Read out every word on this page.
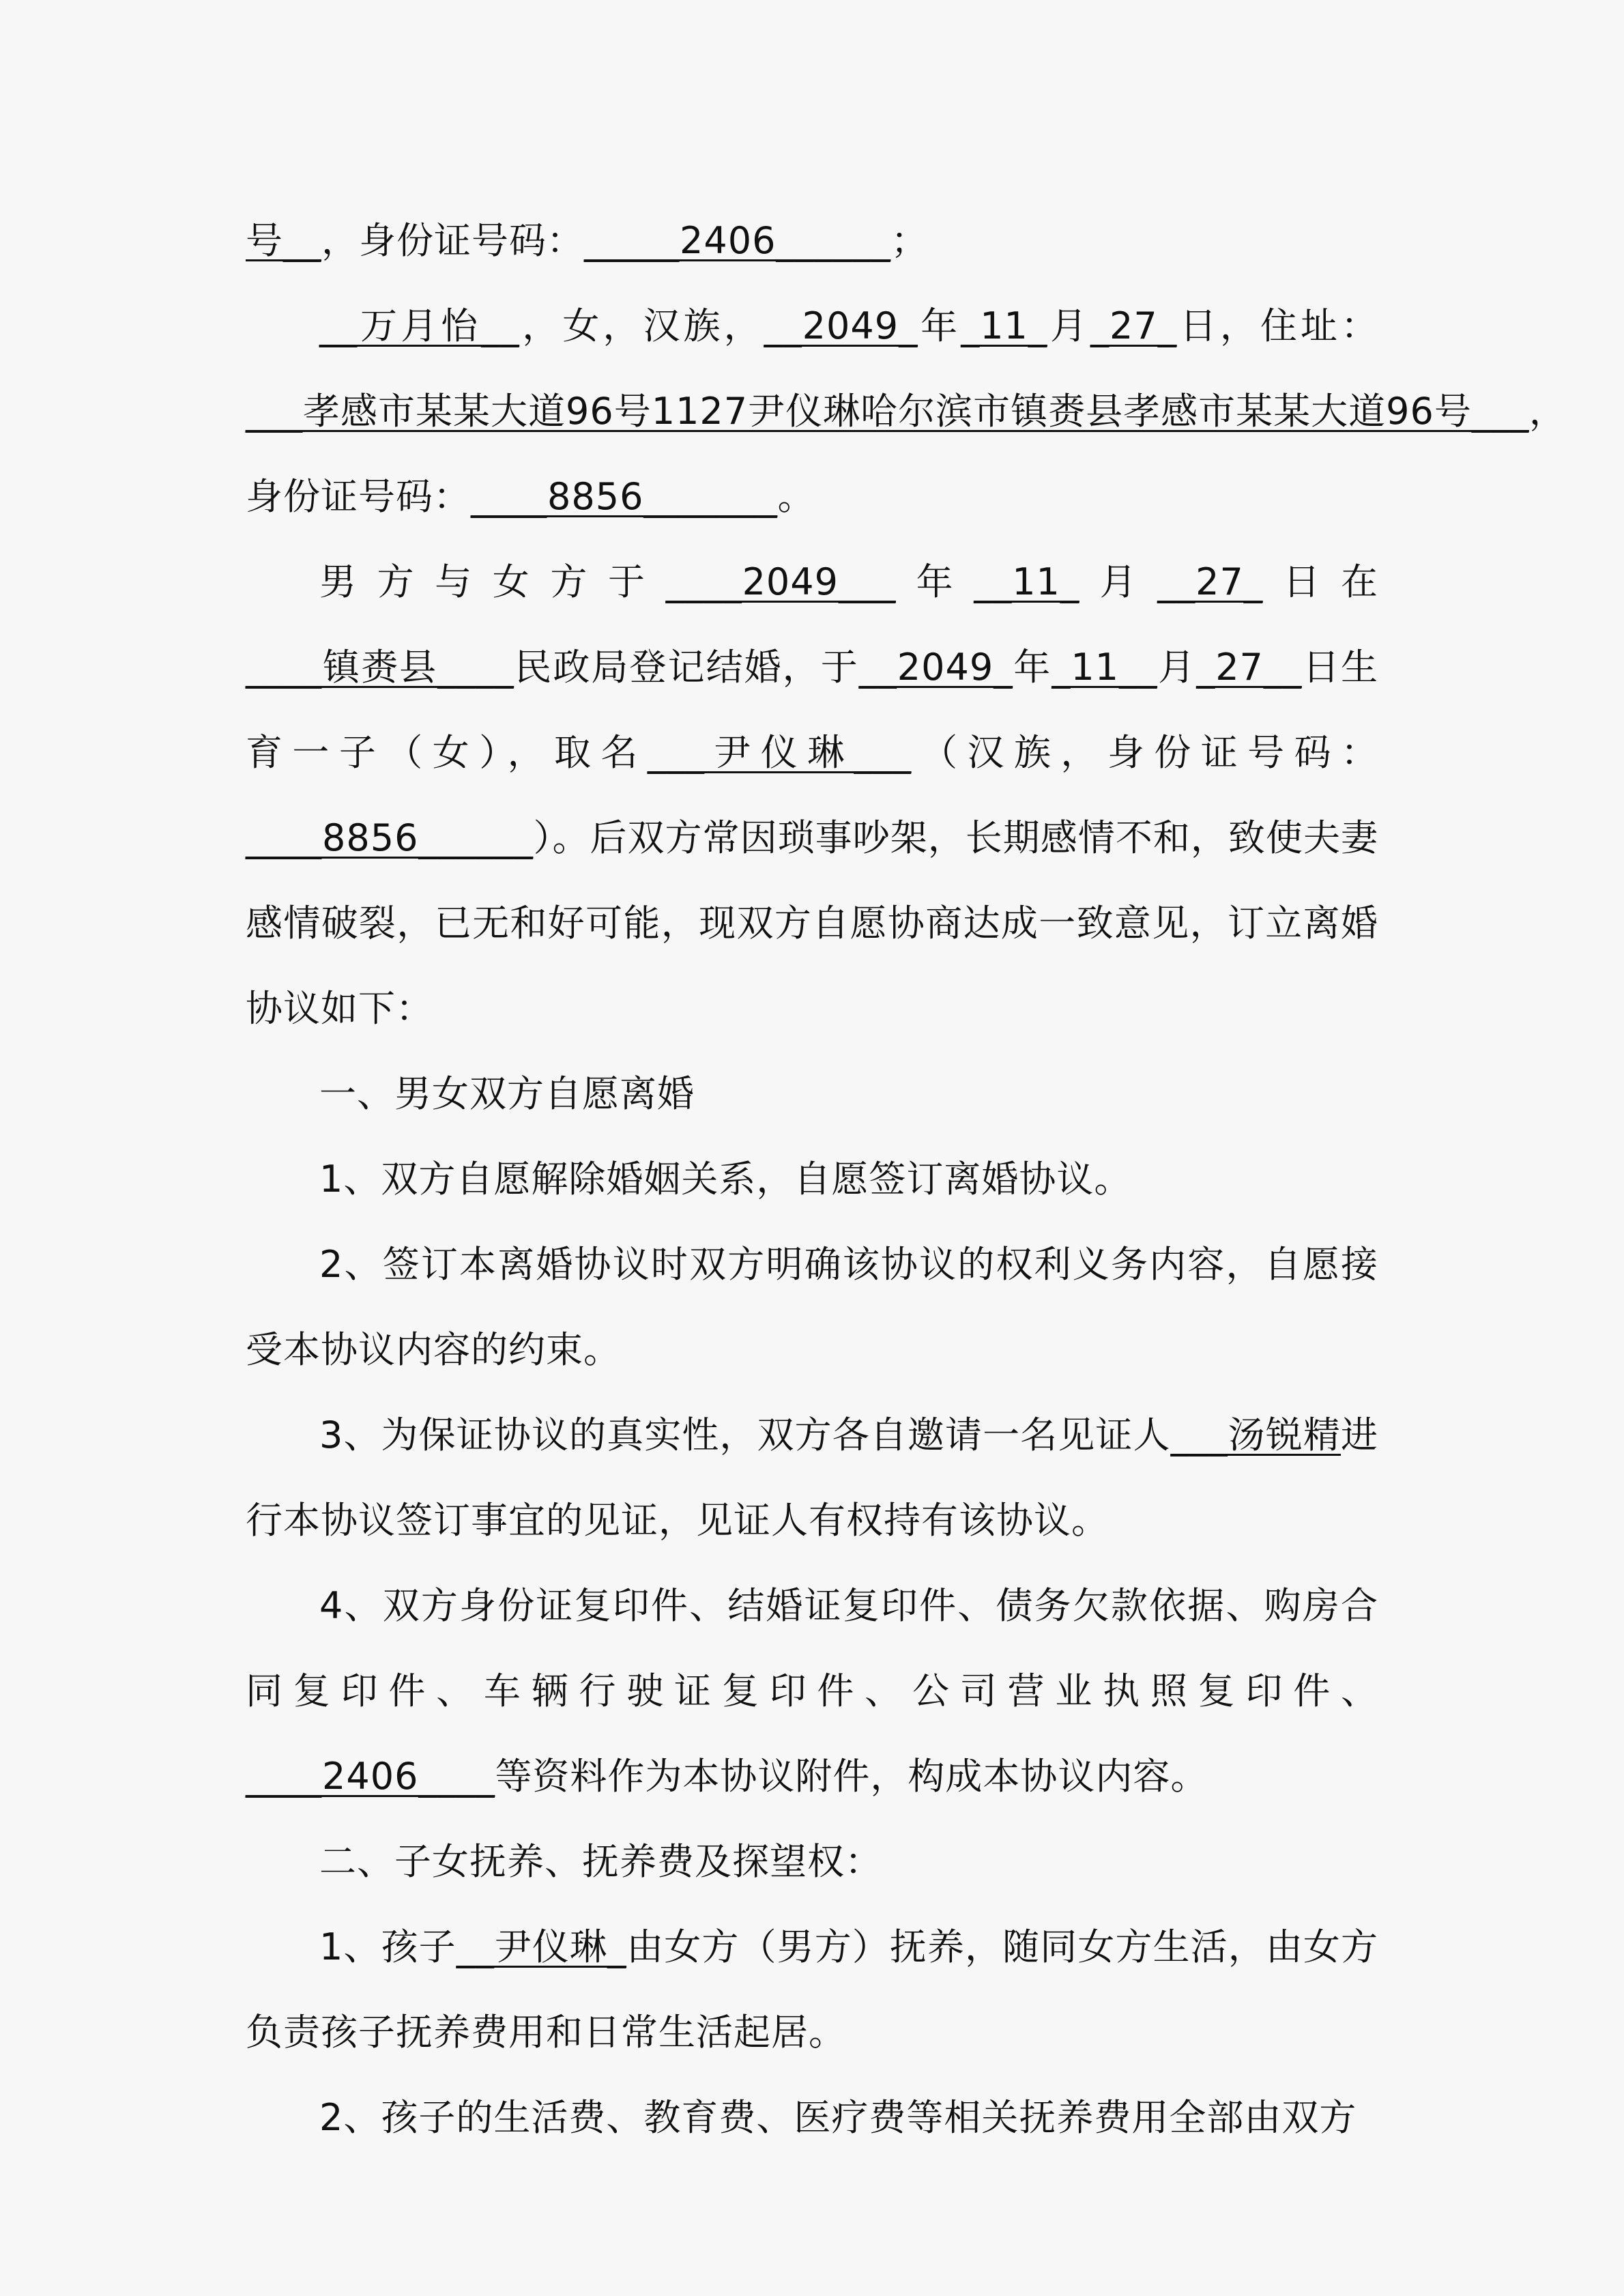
号__，身份证号码：_____2406______；

__万月怡__，女，汉族，__2049_年_11_月_27_日，住址：___孝感市某某大道96号1127尹仪琳哈尔滨市镇赉县孝感市某某大道96号___，身份证号码：____8856_______。

男方与女方于____2049___年__11_月__27_日在____镇赉县____民政局登记结婚，于__2049_年_11__月_27__日生育一子（女），取名___尹仪琳___（汉族，身份证号码：____8856______）。后双方常因琐事吵架，长期感情不和，致使夫妻感情破裂，已无和好可能，现双方自愿协商达成一致意见，订立离婚协议如下：

一、男女双方自愿离婚

1、双方自愿解除婚姻关系，自愿签订离婚协议。

2、签订本离婚协议时双方明确该协议的权利义务内容，自愿接受本协议内容的约束。

3、为保证协议的真实性，双方各自邀请一名见证人___汤锐精进行本协议签订事宜的见证，见证人有权持有该协议。

4、双方身份证复印件、结婚证复印件、债务欠款依据、购房合同复印件、车辆行驶证复印件、公司营业执照复印件、____2406____等资料作为本协议附件，构成本协议内容。

二、子女抚养、抚养费及探望权：

1、孩子__尹仪琳_由女方（男方）抚养，随同女方生活，由女方负责孩子抚养费用和日常生活起居。

2、孩子的生活费、教育费、医疗费等相关抚养费用全部由双方
